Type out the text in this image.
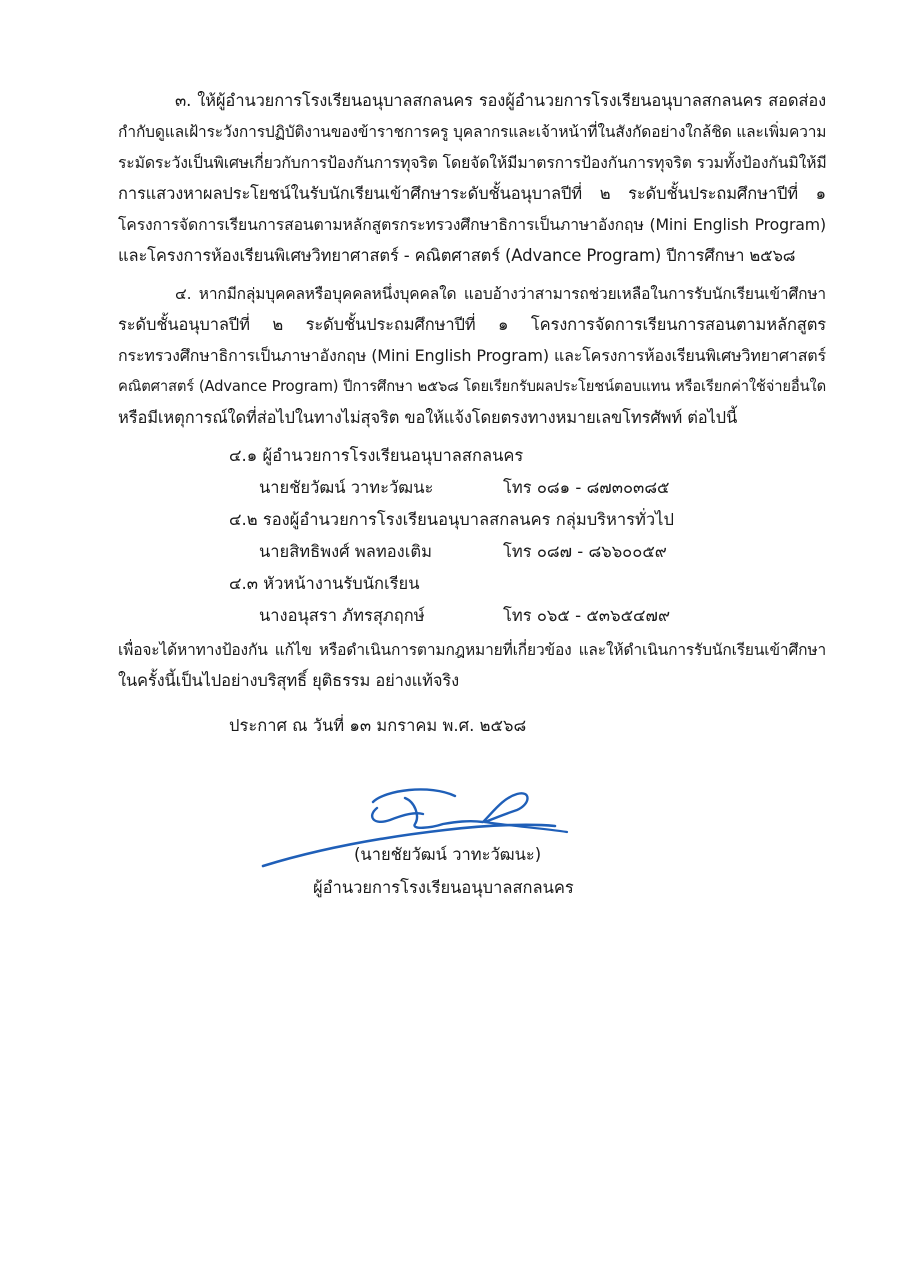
๓. ให้ผู้อำนวยการโรงเรียนอนุบาลสกลนคร รองผู้อำนวยการโรงเรียนอนุบาลสกลนคร สอดส่อง
กำกับดูแลเฝ้าระวังการปฏิบัติงานของข้าราชการครู บุคลากรและเจ้าหน้าที่ในสังกัดอย่างใกล้ชิด และเพิ่มความ
ระมัดระวังเป็นพิเศษเกี่ยวกับการป้องกันการทุจริต โดยจัดให้มีมาตรการป้องกันการทุจริต รวมทั้งป้องกันมิให้มี
การแสวงหาผลประโยชน์ในรับนักเรียนเข้าศึกษาระดับชั้นอนุบาลปีที่ ๒ ระดับชั้นประถมศึกษาปีที่ ๑
โครงการจัดการเรียนการสอนตามหลักสูตรกระทรวงศึกษาธิการเป็นภาษาอังกฤษ (Mini English Program)
และโครงการห้องเรียนพิเศษวิทยาศาสตร์ - คณิตศาสตร์ (Advance Program) ปีการศึกษา ๒๕๖๘
๔. หากมีกลุ่มบุคคลหรือบุคคลหนึ่งบุคคลใด แอบอ้างว่าสามารถช่วยเหลือในการรับนักเรียนเข้าศึกษา
ระดับชั้นอนุบาลปีที่ ๒ ระดับชั้นประถมศึกษาปีที่ ๑ โครงการจัดการเรียนการสอนตามหลักสูตร
กระทรวงศึกษาธิการเป็นภาษาอังกฤษ (Mini English Program) และโครงการห้องเรียนพิเศษวิทยาศาสตร์
คณิตศาสตร์ (Advance Program) ปีการศึกษา ๒๕๖๘ โดยเรียกรับผลประโยชน์ตอบแทน หรือเรียกค่าใช้จ่ายอื่นใด
หรือมีเหตุการณ์ใดที่ส่อไปในทางไม่สุจริต ขอให้แจ้งโดยตรงทางหมายเลขโทรศัพท์ ต่อไปนี้
๔.๑ ผู้อำนวยการโรงเรียนอนุบาลสกลนคร
นายชัยวัฒน์ วาทะวัฒนะ	โทร ๐๘๑ - ๘๗๓๐๓๘๕
๔.๒ รองผู้อำนวยการโรงเรียนอนุบาลสกลนคร กลุ่มบริหารทั่วไป
นายสิทธิพงศ์ พลทองเติม	โทร ๐๘๗ - ๘๖๖๐๐๕๙
๔.๓ หัวหน้างานรับนักเรียน
นางอนุสรา ภัทรสุภฤกษ์	โทร ๐๖๕ - ๕๓๖๕๔๗๙
เพื่อจะได้หาทางป้องกัน แก้ไข หรือดำเนินการตามกฎหมายที่เกี่ยวข้อง และให้ดำเนินการรับนักเรียนเข้าศึกษา
ในครั้งนี้เป็นไปอย่างบริสุทธิ์ ยุติธรรม อย่างแท้จริง
ประกาศ ณ วันที่ ๑๓ มกราคม พ.ศ. ๒๕๖๘
(นายชัยวัฒน์ วาทะวัฒนะ)
ผู้อำนวยการโรงเรียนอนุบาลสกลนคร
